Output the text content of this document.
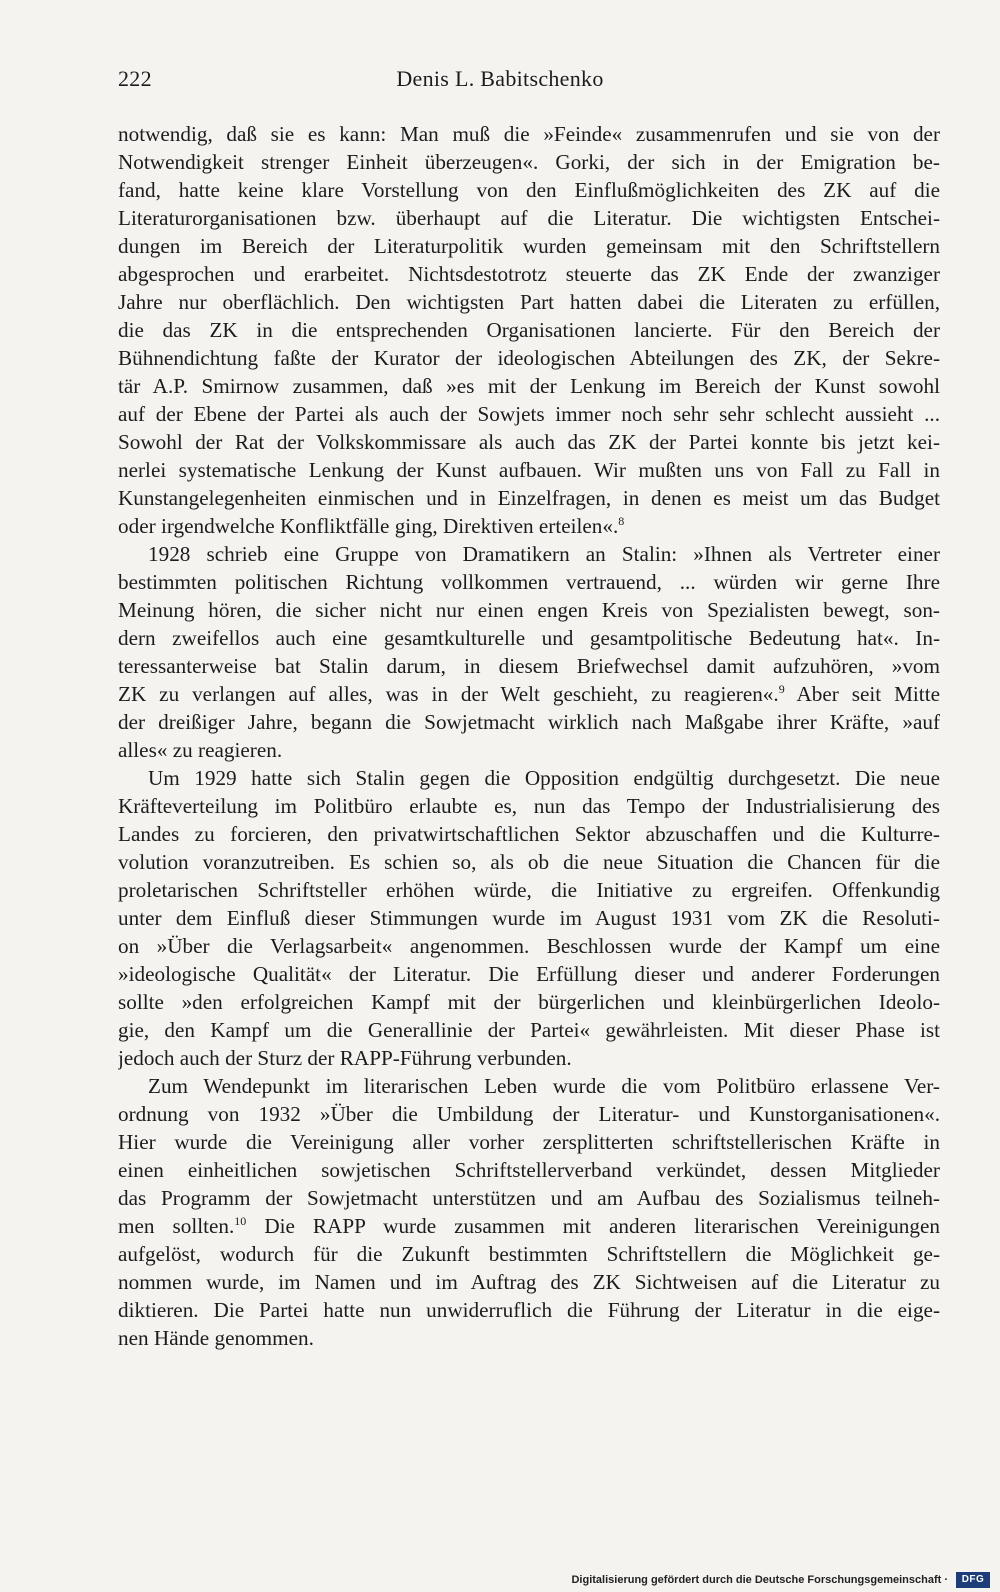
222	Denis L. Babitschenko
notwendig, daß sie es kann: Man muß die »Feinde« zusammenrufen und sie von der
Notwendigkeit strenger Einheit überzeugen«. Gorki, der sich in der Emigration be-
fand, hatte keine klare Vorstellung von den Einflußmöglichkeiten des ZK auf die
Literaturorganisationen bzw. überhaupt auf die Literatur. Die wichtigsten Entschei-
dungen im Bereich der Literaturpolitik wurden gemeinsam mit den Schriftstellern
abgesprochen und erarbeitet. Nichtsdestotrotz steuerte das ZK Ende der zwanziger
Jahre nur oberflächlich. Den wichtigsten Part hatten dabei die Literaten zu erfüllen,
die das ZK in die entsprechenden Organisationen lancierte. Für den Bereich der
Bühnendichtung faßte der Kurator der ideologischen Abteilungen des ZK, der Sekre-
tär A.P. Smirnow zusammen, daß »es mit der Lenkung im Bereich der Kunst sowohl
auf der Ebene der Partei als auch der Sowjets immer noch sehr sehr schlecht aussieht ...
Sowohl der Rat der Volkskommissare als auch das ZK der Partei konnte bis jetzt kei-
nerlei systematische Lenkung der Kunst aufbauen. Wir mußten uns von Fall zu Fall in
Kunstangelegenheiten einmischen und in Einzelfragen, in denen es meist um das Budget
oder irgendwelche Konfliktfälle ging, Direktiven erteilen«.$^8$
1928 schrieb eine Gruppe von Dramatikern an Stalin: »Ihnen als Vertreter einer
bestimmten politischen Richtung vollkommen vertrauend, ... würden wir gerne Ihre
Meinung hören, die sicher nicht nur einen engen Kreis von Spezialisten bewegt, son-
dern zweifellos auch eine gesamtkulturelle und gesamtpolitische Bedeutung hat«. In-
teressanterweise bat Stalin darum, in diesem Briefwechsel damit aufzuhören, »vom
ZK zu verlangen auf alles, was in der Welt geschieht, zu reagieren«.$^9$ Aber seit Mitte
der dreißiger Jahre, begann die Sowjetmacht wirklich nach Maßgabe ihrer Kräfte, »auf
alles« zu reagieren.
Um 1929 hatte sich Stalin gegen die Opposition endgültig durchgesetzt. Die neue
Kräfteverteilung im Politbüro erlaubte es, nun das Tempo der Industrialisierung des
Landes zu forcieren, den privatwirtschaftlichen Sektor abzuschaffen und die Kulturre-
volution voranzutreiben. Es schien so, als ob die neue Situation die Chancen für die
proletarischen Schriftsteller erhöhen würde, die Initiative zu ergreifen. Offenkundig
unter dem Einfluß dieser Stimmungen wurde im August 1931 vom ZK die Resoluti-
on »Über die Verlagsarbeit« angenommen. Beschlossen wurde der Kampf um eine
»ideologische Qualität« der Literatur. Die Erfüllung dieser und anderer Forderungen
sollte »den erfolgreichen Kampf mit der bürgerlichen und kleinbürgerlichen Ideolo-
gie, den Kampf um die Generallinie der Partei« gewährleisten. Mit dieser Phase ist
jedoch auch der Sturz der RAPP-Führung verbunden.
Zum Wendepunkt im literarischen Leben wurde die vom Politbüro erlassene Ver-
ordnung von 1932 »Über die Umbildung der Literatur- und Kunstorganisationen«.
Hier wurde die Vereinigung aller vorher zersplitterten schriftstellerischen Kräfte in
einen einheitlichen sowjetischen Schriftstellerverband verkündet, dessen Mitglieder
das Programm der Sowjetmacht unterstützen und am Aufbau des Sozialismus teilneh-
men sollten.$^{10}$ Die RAPP wurde zusammen mit anderen literarischen Vereinigungen
aufgelöst, wodurch für die Zukunft bestimmten Schriftstellern die Möglichkeit ge-
nommen wurde, im Namen und im Auftrag des ZK Sichtweisen auf die Literatur zu
diktieren. Die Partei hatte nun unwiderruflich die Führung der Literatur in die eige-
nen Hände genommen.
Digitalisierung gefördert durch die Deutsche Forschungsgemeinschaft ·	DFG
